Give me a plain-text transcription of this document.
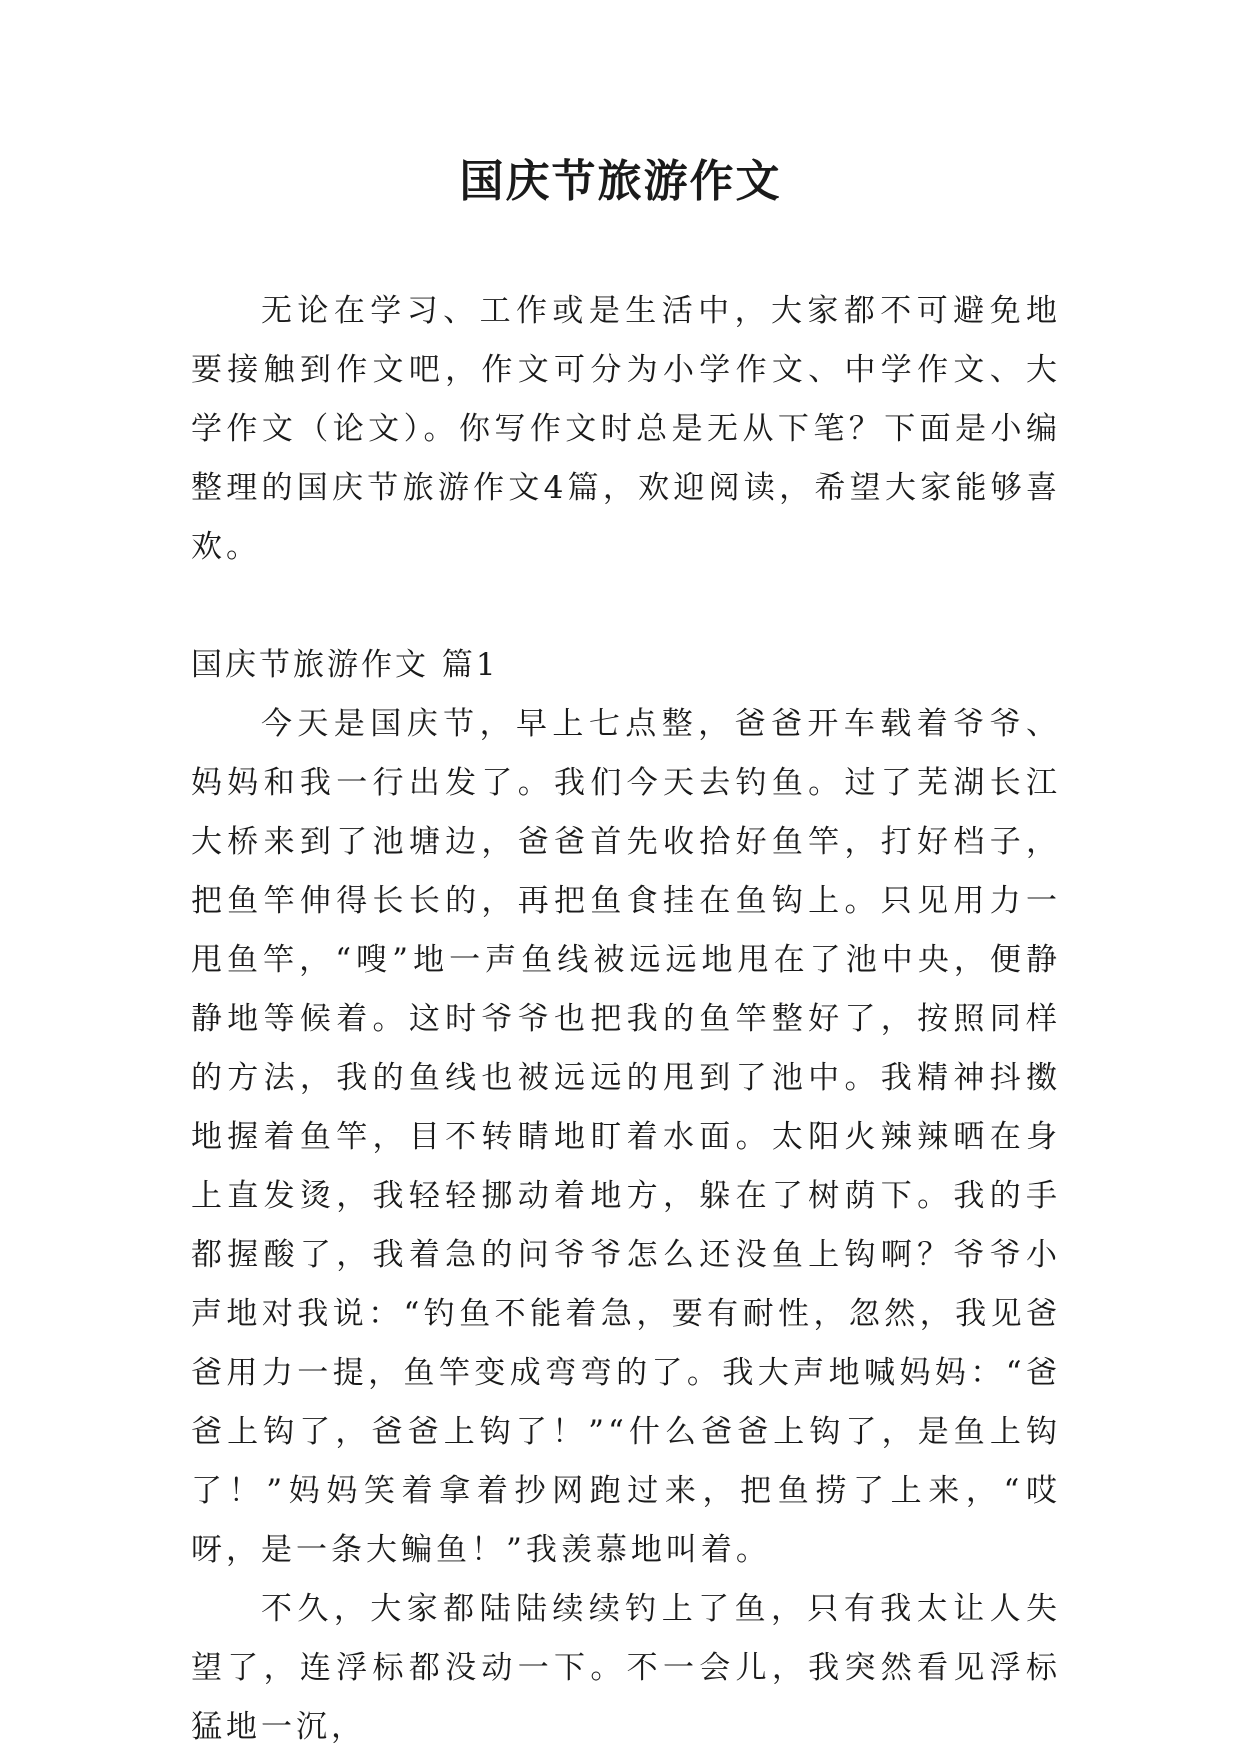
国庆节旅游作文

无论在学习、工作或是生活中，大家都不可避免地要接触到作文吧，作文可分为小学作文、中学作文、大学作文（论文）。你写作文时总是无从下笔？下面是小编整理的国庆节旅游作文4篇，欢迎阅读，希望大家能够喜欢。

国庆节旅游作文 篇1

今天是国庆节，早上七点整，爸爸开车载着爷爷、妈妈和我一行出发了。我们今天去钓鱼。过了芜湖长江大桥来到了池塘边，爸爸首先收拾好鱼竿，打好档子，把鱼竿伸得长长的，再把鱼食挂在鱼钩上。只见用力一甩鱼竿，“嗖”地一声鱼线被远远地甩在了池中央，便静静地等候着。这时爷爷也把我的鱼竿整好了，按照同样的方法，我的鱼线也被远远的甩到了池中。我精神抖擞地握着鱼竿，目不转睛地盯着水面。太阳火辣辣晒在身上直发烫，我轻轻挪动着地方，躲在了树荫下。我的手都握酸了，我着急的问爷爷怎么还没鱼上钩啊？爷爷小声地对我说：“钓鱼不能着急，要有耐性，忽然，我见爸爸用力一提，鱼竿变成弯弯的了。我大声地喊妈妈：“爸爸上钩了，爸爸上钩了！”“什么爸爸上钩了，是鱼上钩了！”妈妈笑着拿着抄网跑过来，把鱼捞了上来，“哎呀，是一条大鳊鱼！”我羡慕地叫着。

不久，大家都陆陆续续钓上了鱼，只有我太让人失望了，连浮标都没动一下。不一会儿，我突然看见浮标猛地一沉，
